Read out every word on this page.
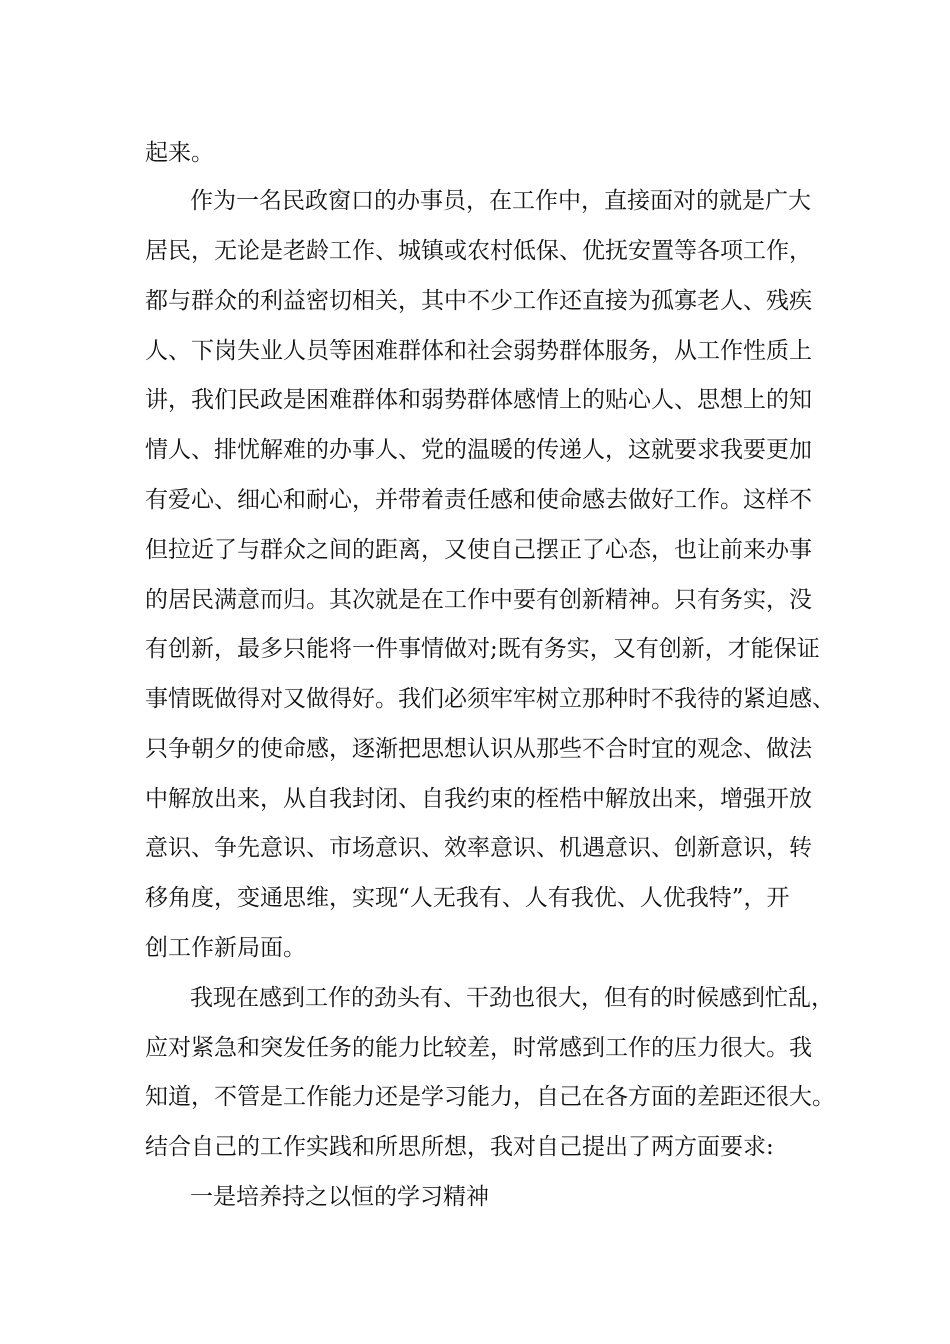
起来。

作为一名民政窗口的办事员，在工作中，直接面对的就是广大

居民，无论是老龄工作、城镇或农村低保、优抚安置等各项工作，

都与群众的利益密切相关，其中不少工作还直接为孤寡老人、残疾

人、下岗失业人员等困难群体和社会弱势群体服务，从工作性质上

讲，我们民政是困难群体和弱势群体感情上的贴心人、思想上的知

情人、排忧解难的办事人、党的温暖的传递人，这就要求我要更加

有爱心、细心和耐心，并带着责任感和使命感去做好工作。这样不

但拉近了与群众之间的距离，又使自己摆正了心态，也让前来办事

的居民满意而归。其次就是在工作中要有创新精神。只有务实，没

有创新，最多只能将一件事情做对;既有务实，又有创新，才能保证

事情既做得对又做得好。我们必须牢牢树立那种时不我待的紧迫感、

只争朝夕的使命感，逐渐把思想认识从那些不合时宜的观念、做法

中解放出来，从自我封闭、自我约束的桎梏中解放出来，增强开放

意识、争先意识、市场意识、效率意识、机遇意识、创新意识，转

移角度，变通思维，实现“人无我有、人有我优、人优我特”，开

创工作新局面。

我现在感到工作的劲头有、干劲也很大，但有的时候感到忙乱，

应对紧急和突发任务的能力比较差，时常感到工作的压力很大。我

知道，不管是工作能力还是学习能力，自己在各方面的差距还很大。

结合自己的工作实践和所思所想，我对自己提出了两方面要求:

一是培养持之以恒的学习精神
